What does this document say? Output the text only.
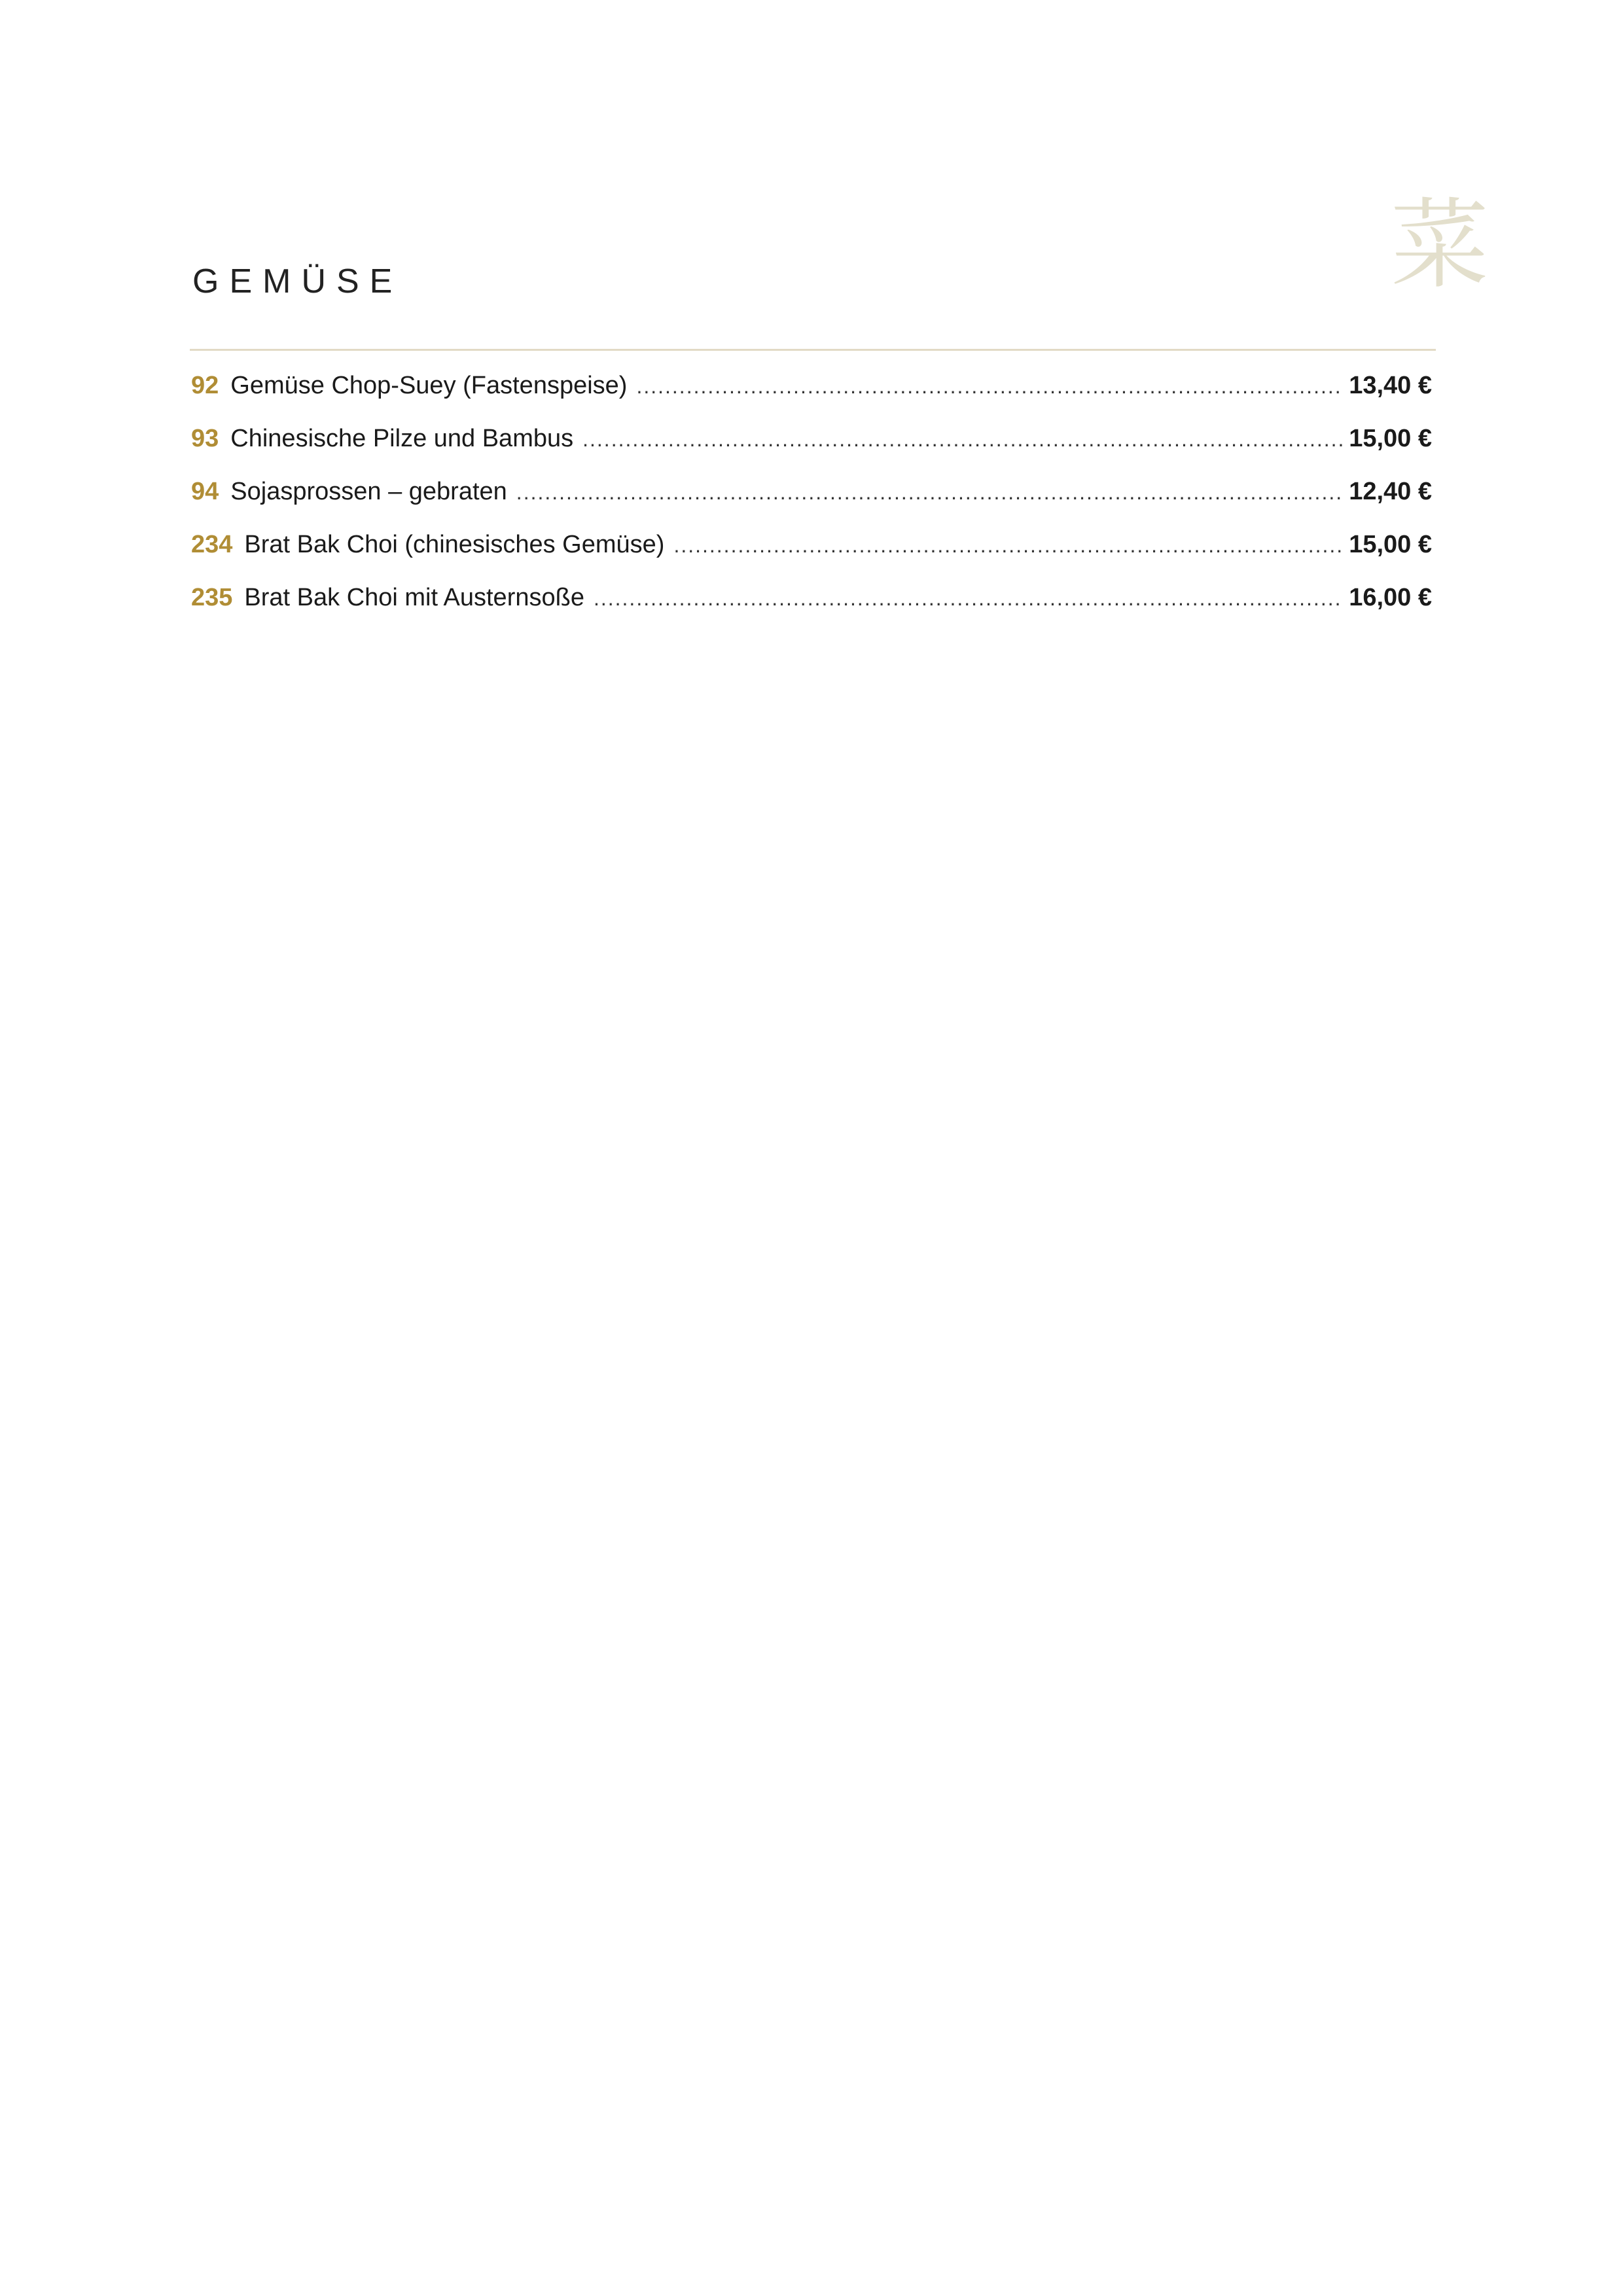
GEMÜSE	菜
92 Gemüse Chop-Suey (Fastenspeise) .....	13,40 €
93 Chinesische Pilze und Bambus .....	15,00 €
94 Sojasprossen – gebraten .....	12,40 €
234 Brat Bak Choi (chinesisches Gemüse) .....	15,00 €
235 Brat Bak Choi mit Austernsoße .....	16,00 €
